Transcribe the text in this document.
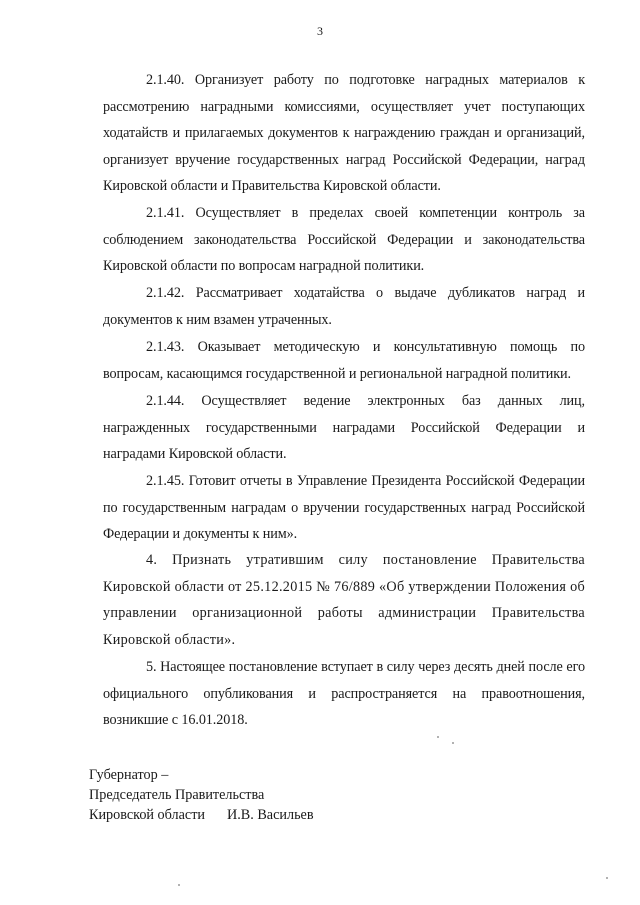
3

2.1.40. Организует работу по подготовке наградных материалов к рассмотрению наградными комиссиями, осуществляет учет поступающих ходатайств и прилагаемых документов к награждению граждан и организаций, организует вручение государственных наград Российской Федерации, наград Кировской области и Правительства Кировской области.

2.1.41. Осуществляет в пределах своей компетенции контроль за соблюдением законодательства Российской Федерации и законодательства Кировской области по вопросам наградной политики.

2.1.42. Рассматривает ходатайства о выдаче дубликатов наград и документов к ним взамен утраченных.

2.1.43. Оказывает методическую и консультативную помощь по вопросам, касающимся государственной и региональной наградной политики.

2.1.44. Осуществляет ведение электронных баз данных лиц, награжденных государственными наградами Российской Федерации и наградами Кировской области.

2.1.45. Готовит отчеты в Управление Президента Российской Федерации по государственным наградам о вручении государственных наград Российской Федерации и документы к ним».

4. Признать утратившим силу постановление Правительства Кировской области от 25.12.2015 № 76/889 «Об утверждении Положения об управлении организационной работы администрации Правительства Кировской области».

5. Настоящее постановление вступает в силу через десять дней после его официального опубликования и распространяется на правоотношения, возникшие с 16.01.2018.

Губернатор –
Председатель Правительства
Кировской области И.В. Васильев
